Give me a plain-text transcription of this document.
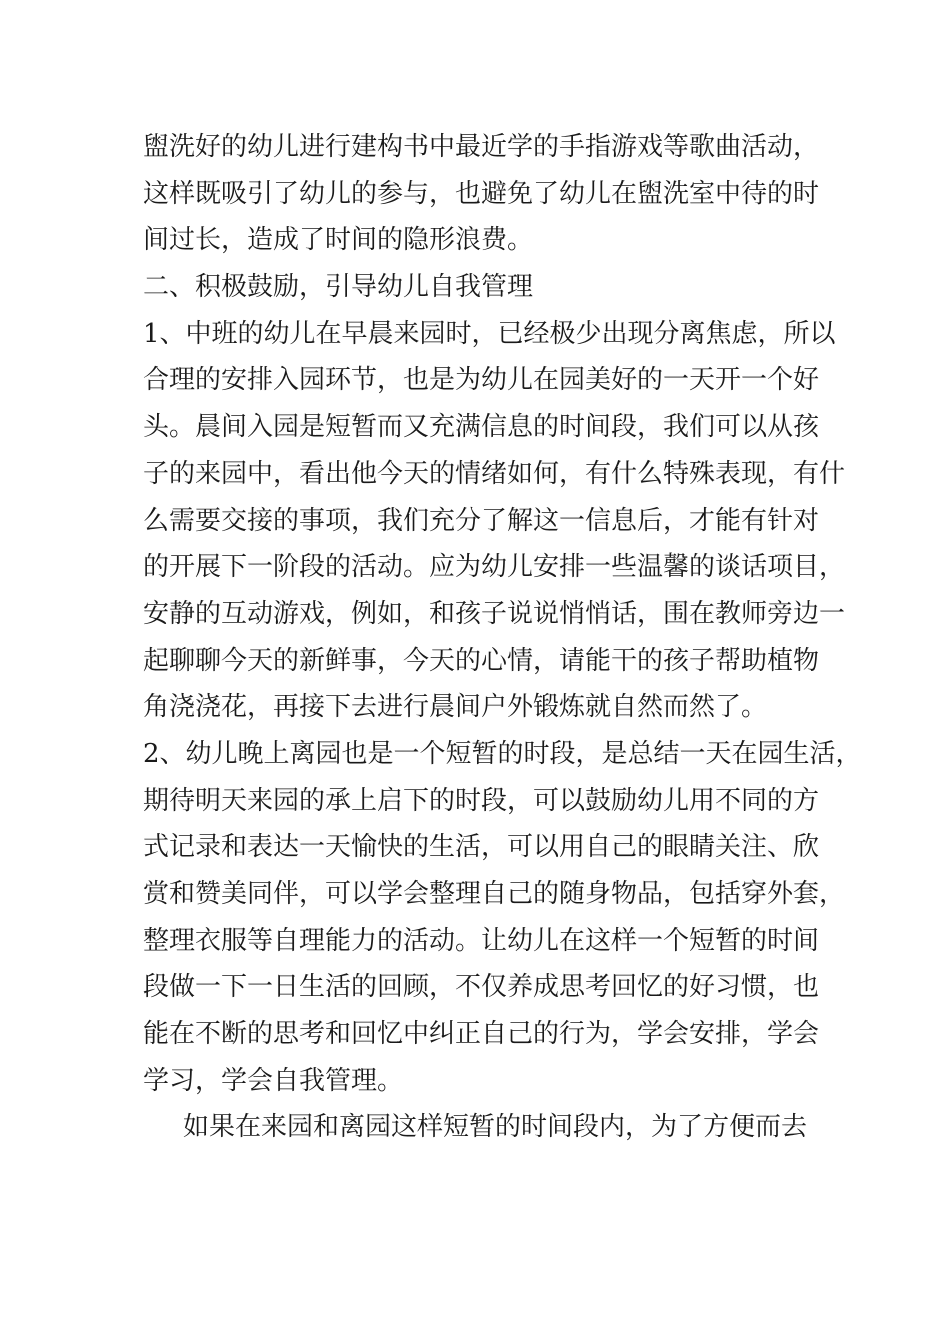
盥洗好的幼儿进行建构书中最近学的手指游戏等歌曲活动，
这样既吸引了幼儿的参与，也避免了幼儿在盥洗室中待的时
间过长，造成了时间的隐形浪费。
二、积极鼓励，引导幼儿自我管理
1、中班的幼儿在早晨来园时，已经极少出现分离焦虑，所以
合理的安排入园环节，也是为幼儿在园美好的一天开一个好
头。晨间入园是短暂而又充满信息的时间段，我们可以从孩
子的来园中，看出他今天的情绪如何，有什么特殊表现，有什
么需要交接的事项，我们充分了解这一信息后，才能有针对
的开展下一阶段的活动。应为幼儿安排一些温馨的谈话项目，
安静的互动游戏，例如，和孩子说说悄悄话，围在教师旁边一
起聊聊今天的新鲜事，今天的心情，请能干的孩子帮助植物
角浇浇花，再接下去进行晨间户外锻炼就自然而然了。
2、幼儿晚上离园也是一个短暂的时段，是总结一天在园生活，
期待明天来园的承上启下的时段，可以鼓励幼儿用不同的方
式记录和表达一天愉快的生活，可以用自己的眼睛关注、欣
赏和赞美同伴，可以学会整理自己的随身物品，包括穿外套，
整理衣服等自理能力的活动。让幼儿在这样一个短暂的时间
段做一下一日生活的回顾，不仅养成思考回忆的好习惯，也
能在不断的思考和回忆中纠正自己的行为，学会安排，学会
学习，学会自我管理。
如果在来园和离园这样短暂的时间段内，为了方便而去
